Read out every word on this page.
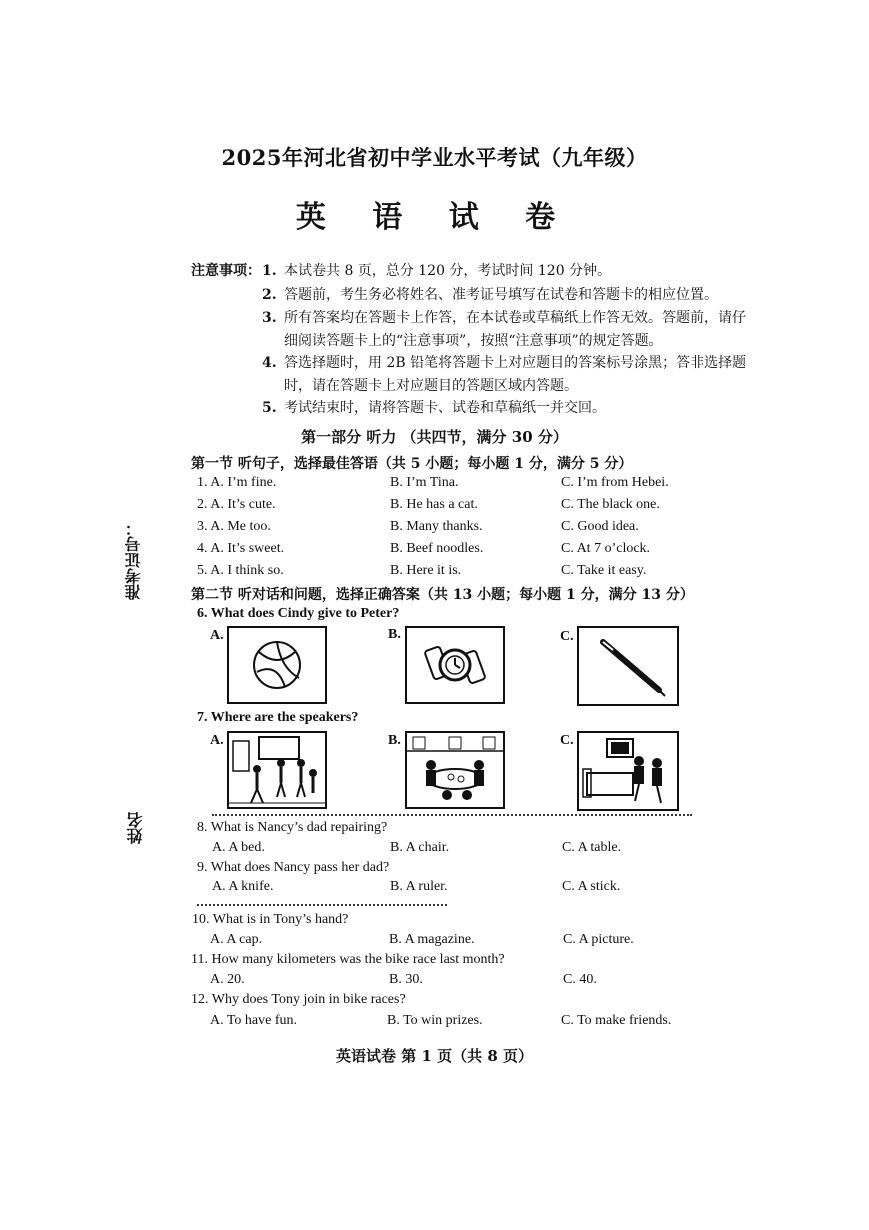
2025年河北省初中学业水平考试（九年级）
英 语 试 卷
注意事项： 1. 本试卷共 8 页，总分 120 分，考试时间 120 分钟。
2. 答题前，考生务必将姓名、准考证号填写在试卷和答题卡的相应位置。
3. 所有答案均在答题卡上作答，在本试卷或草稿纸上作答无效。答题前，请仔
细阅读答题卡上的“注意事项”，按照“注意事项”的规定答题。
4. 答选择题时，用 2B 铅笔将答题卡上对应题目的答案标号涂黑；答非选择题
时，请在答题卡上对应题目的答题区域内答题。
5. 考试结束时，请将答题卡、试卷和草稿纸一并交回。
第一部分 听力 （共四节，满分 30 分）
第一节 听句子，选择最佳答语（共 5 小题；每小题 1 分，满分 5 分）
1. A. I’m fine.	B. I’m Tina.	C. I’m from Hebei.
2. A. It’s cute.	B. He has a cat.	C. The black one.
3. A. Me too.	B. Many thanks.	C. Good idea.
4. A. It’s sweet.	B. Beef noodles.	C. At 7 o’clock.
5. A. I think so.	B. Here it is.	C. Take it easy.
第二节 听对话和问题，选择正确答案（共 13 小题；每小题 1 分，满分 13 分）
6. What does Cindy give to Peter?
A.	B.	C.
7. Where are the speakers?
A.	B.	C.
8. What is Nancy’s dad repairing?
A. A bed.	B. A chair.	C. A table.
9. What does Nancy pass her dad?
A. A knife.	B. A ruler.	C. A stick.
10. What is in Tony’s hand?
A. A cap.	B. A magazine.	C. A picture.
11. How many kilometers was the bike race last month?
A. 20.	B. 30.	C. 40.
12. Why does Tony join in bike races?
A. To have fun.	B. To win prizes.	C. To make friends.
准考证号：
姓名
英语试卷 第 1 页（共 8 页）
